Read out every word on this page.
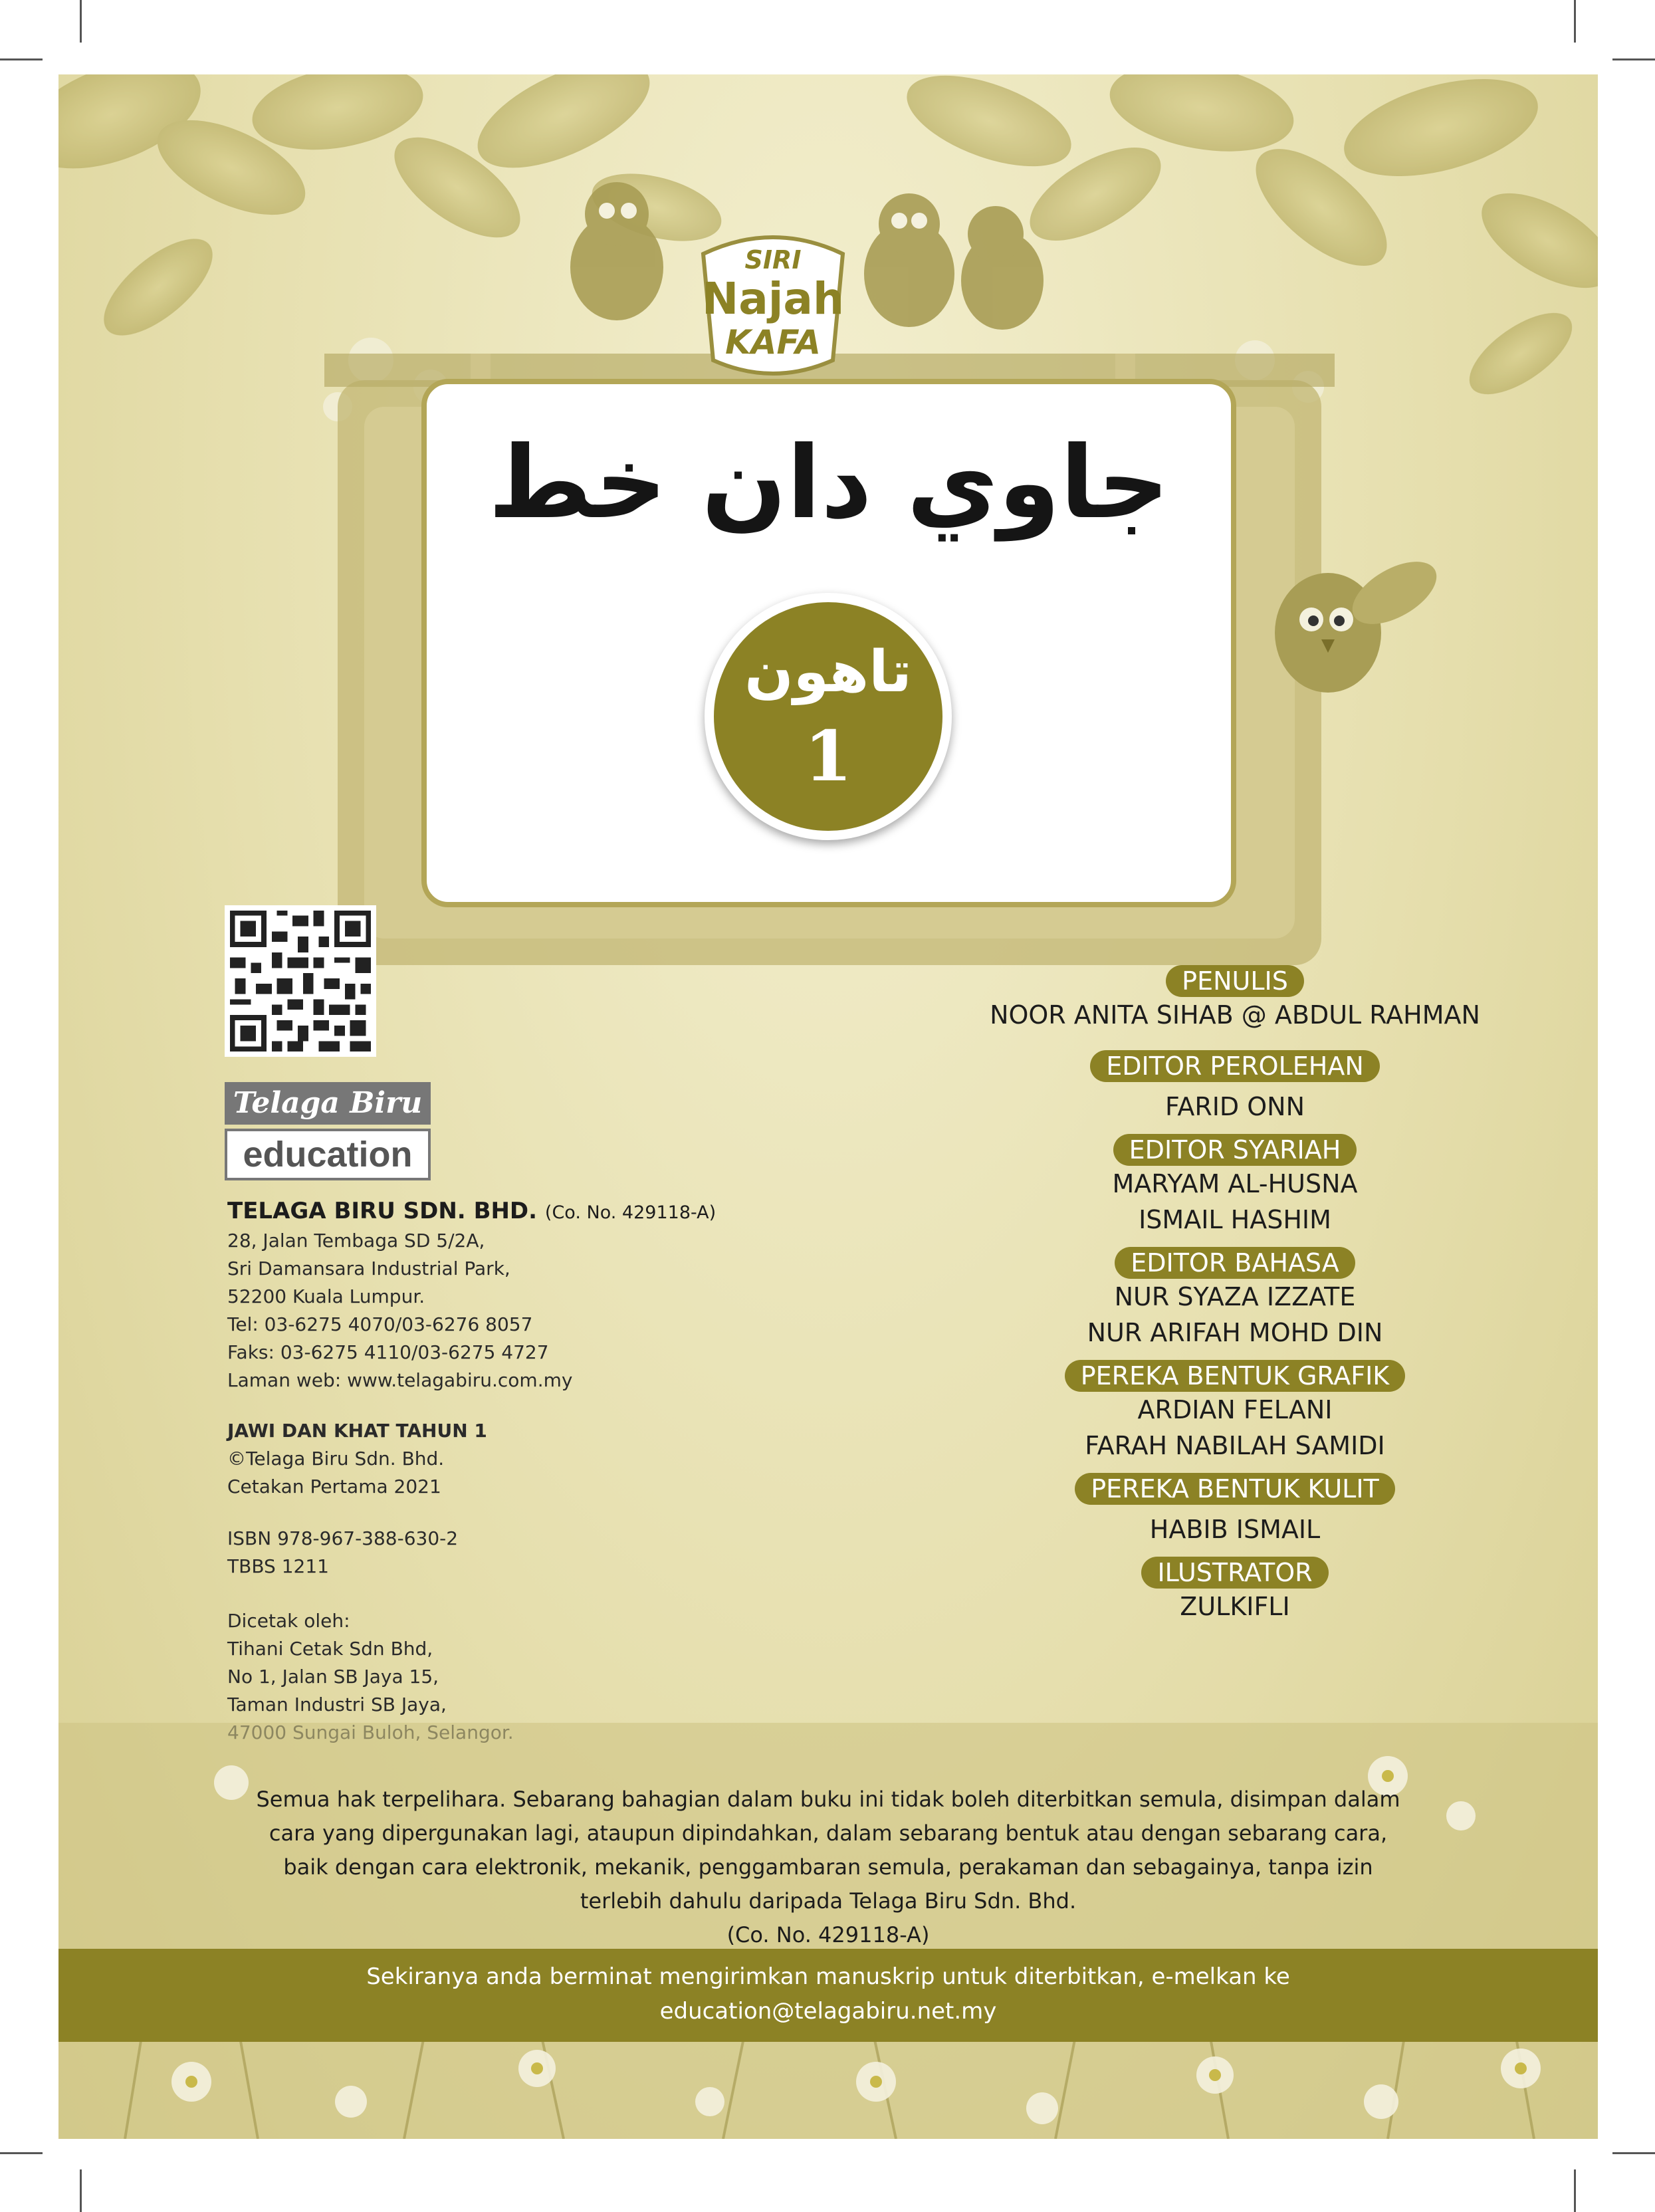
SIRI
Najah
KAFA
جاوي دان خط
تاهون
1
Telaga Biru
education
TELAGA BIRU SDN. BHD. (Co. No. 429118-A)
28, Jalan Tembaga SD 5/2A,
Sri Damansara Industrial Park,
52200 Kuala Lumpur.
Tel: 03-6275 4070/03-6276 8057
Faks: 03-6275 4110/03-6275 4727
Laman web: www.telagabiru.com.my
JAWI DAN KHAT TAHUN 1
©Telaga Biru Sdn. Bhd.
Cetakan Pertama 2021
ISBN 978-967-388-630-2
TBBS 1211
Dicetak oleh:
Tihani Cetak Sdn Bhd,
No 1, Jalan SB Jaya 15,
Taman Industri SB Jaya,
PENULIS
NOOR ANITA SIHAB @ ABDUL RAHMAN
EDITOR PEROLEHAN
FARID ONN
EDITOR SYARIAH
MARYAM AL-HUSNA
ISMAIL HASHIM
EDITOR BAHASA
NUR SYAZA IZZATE
NUR ARIFAH MOHD DIN
PEREKA BENTUK GRAFIK
ARDIAN FELANI
FARAH NABILAH SAMIDI
PEREKA BENTUK KULIT
HABIB ISMAIL
ILUSTRATOR
ZULKIFLI
Semua hak terpelihara. Sebarang bahagian dalam buku ini tidak boleh diterbitkan semula, disimpan dalam
cara yang dipergunakan lagi, ataupun dipindahkan, dalam sebarang bentuk atau dengan sebarang cara,
baik dengan cara elektronik, mekanik, penggambaran semula, perakaman dan sebagainya, tanpa izin
terlebih dahulu daripada Telaga Biru Sdn. Bhd.
(Co. No. 429118-A)
Sekiranya anda berminat mengirimkan manuskrip untuk diterbitkan, e-melkan ke
education@telagabiru.net.my
